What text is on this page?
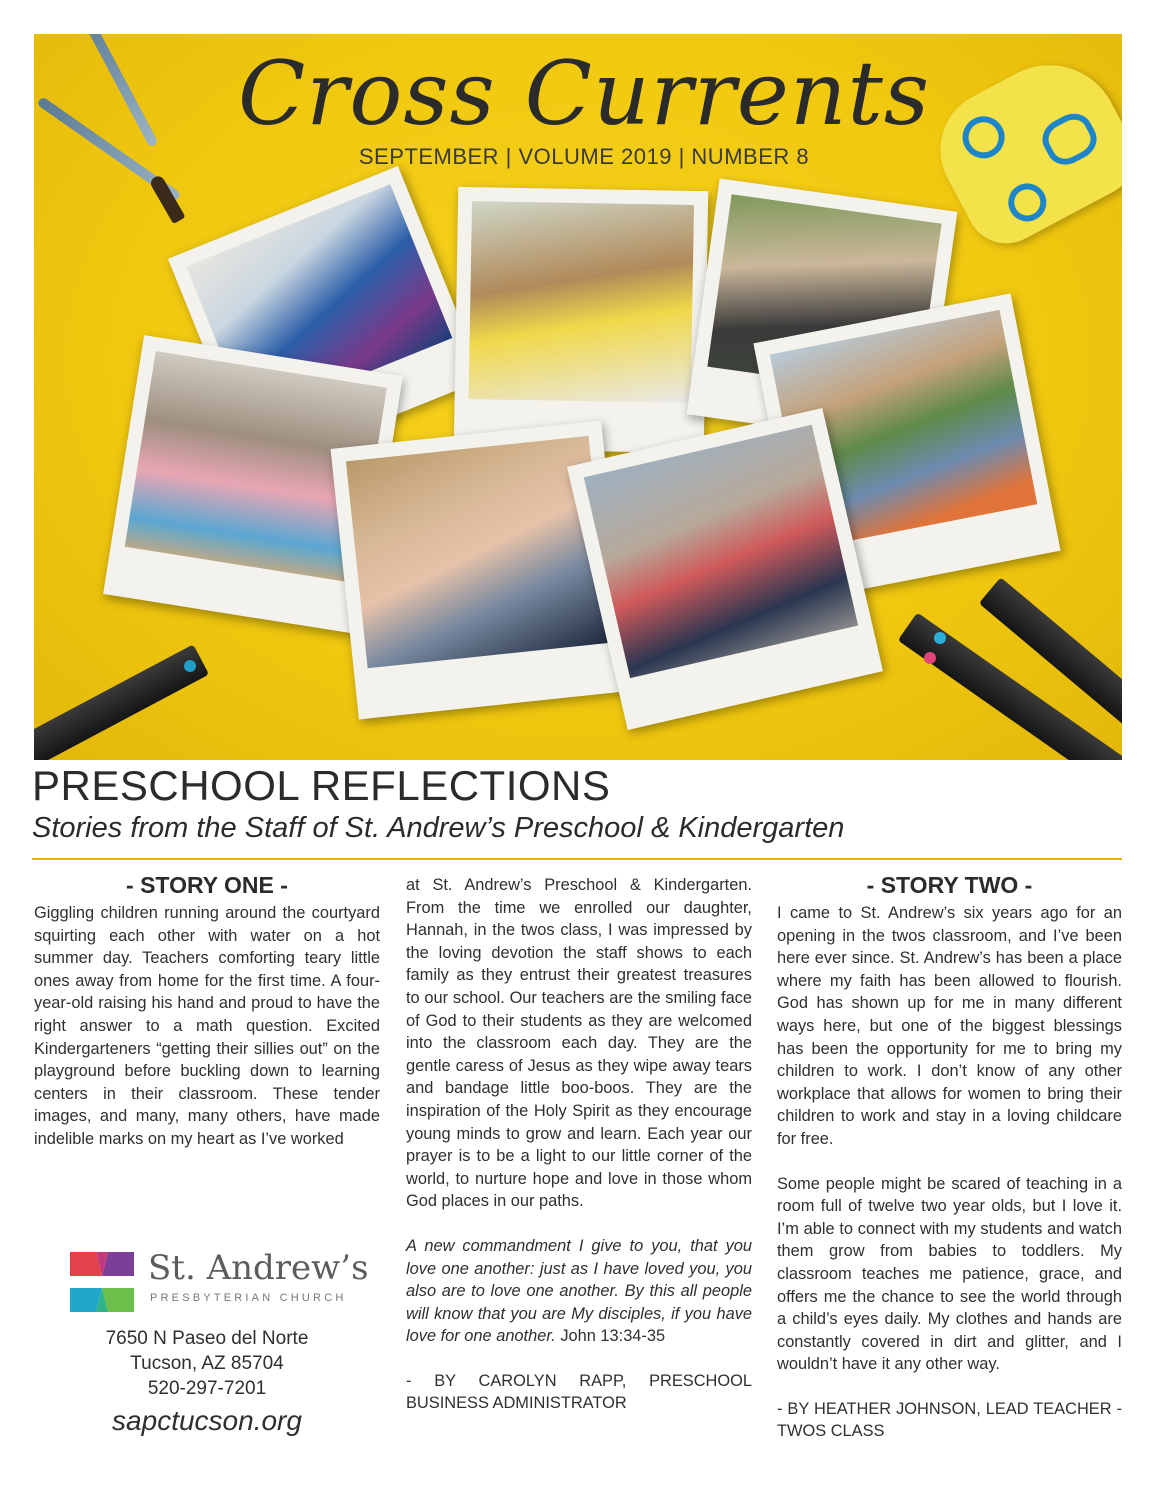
Cross Currents
SEPTEMBER | VOLUME 2019 | NUMBER 8
PRESCHOOL REFLECTIONS
Stories from the Staff of St. Andrew’s Preschool & Kindergarten
- STORY ONE -

Giggling children running around the courtyard squirting each other with water on a hot summer day. Teachers comforting teary little ones away from home for the first time. A four-year-old raising his hand and proud to have the right answer to a math question. Excited Kindergarteners “getting their sillies out” on the playground before buckling down to learning centers in their classroom. These tender images, and many, many others, have made indelible marks on my heart as I’ve worked

at St. Andrew’s Preschool & Kindergarten. From the time we enrolled our daughter, Hannah, in the twos class, I was impressed by the loving devotion the staff shows to each family as they entrust their greatest treasures to our school. Our teachers are the smiling face of God to their students as they are welcomed into the classroom each day. They are the gentle caress of Jesus as they wipe away tears and bandage little boo-boos. They are the inspiration of the Holy Spirit as they encourage young minds to grow and learn. Each year our prayer is to be a light to our little corner of the world, to nurture hope and love in those whom God places in our paths.

A new commandment I give to you, that you love one another: just as I have loved you, you also are to love one another. By this all people will know that you are My disciples, if you have love for one another. John 13:34-35

- BY CAROLYN RAPP, PRESCHOOL BUSINESS ADMINISTRATOR

- STORY TWO -

I came to St. Andrew’s six years ago for an opening in the twos classroom, and I’ve been here ever since. St. Andrew’s has been a place where my faith has been allowed to flourish. God has shown up for me in many different ways here, but one of the biggest blessings has been the opportunity for me to bring my children to work. I don’t know of any other workplace that allows for women to bring their children to work and stay in a loving childcare for free.

Some people might be scared of teaching in a room full of twelve two year olds, but I love it. I’m able to connect with my students and watch them grow from babies to toddlers. My classroom teaches me patience, grace, and offers me the chance to see the world through a child’s eyes daily. My clothes and hands are constantly covered in dirt and glitter, and I wouldn’t have it any other way.

- BY HEATHER JOHNSON, LEAD TEACHER - TWOS CLASS

St. Andrew’s
PRESBYTERIAN CHURCH
7650 N Paseo del Norte
Tucson, AZ 85704
520-297-7201
sapctucson.org
